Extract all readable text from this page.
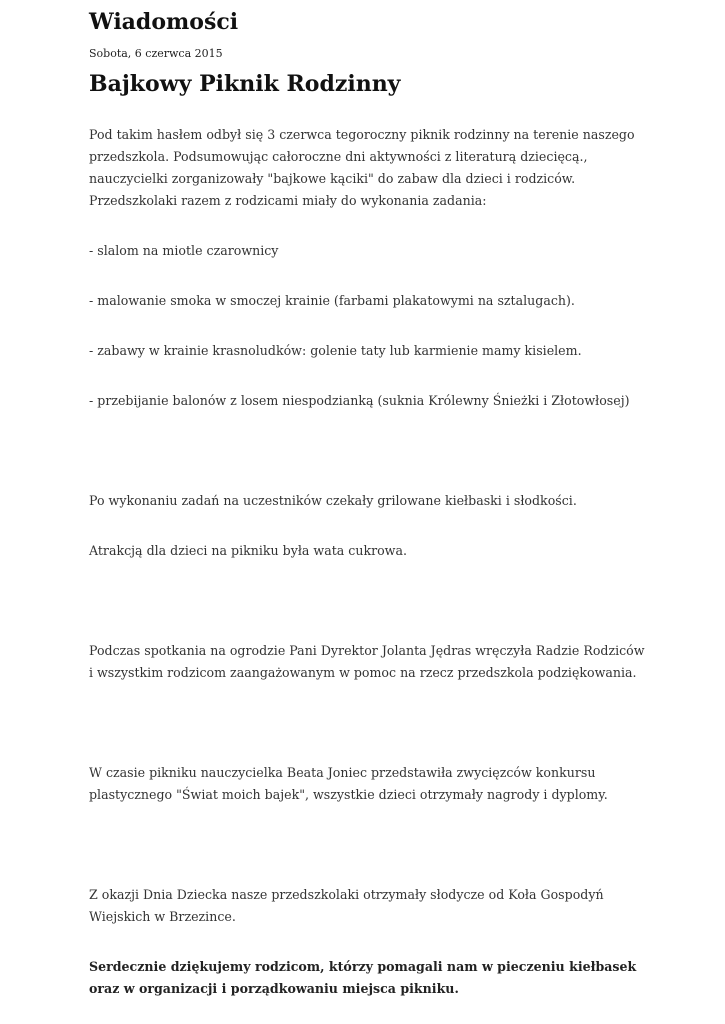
Wiadomości
Sobota, 6 czerwca 2015
Bajkowy Piknik Rodzinny

Pod takim hasłem odbył się 3 czerwca tegoroczny piknik rodzinny na terenie naszego przedszkola. Podsumowując całoroczne dni aktywności z literaturą dziecięcą., nauczycielki zorganizowały "bajkowe kąciki" do zabaw dla dzieci i rodziców. Przedszkolaki razem z rodzicami miały do wykonania zadania:

- slalom na miotle czarownicy

- malowanie smoka w smoczej krainie (farbami plakatowymi na sztalugach).

- zabawy w krainie krasnoludków: golenie taty lub karmienie mamy kisielem.

- przebijanie balonów z losem niespodzianką (suknia Królewny Śnieżki i Złotowłosej)

Po wykonaniu zadań na uczestników czekały grilowane kiełbaski i słodkości.

Atrakcją dla dzieci na pikniku była wata cukrowa.

Podczas spotkania na ogrodzie Pani Dyrektor Jolanta Jędras wręczyła Radzie Rodziców i wszystkim rodzicom zaangażowanym w pomoc na rzecz przedszkola podziękowania.

W czasie pikniku nauczycielka Beata Joniec przedstawiła zwycięzców konkursu plastycznego "Świat moich bajek", wszystkie dzieci otrzymały nagrody i dyplomy.

Z okazji Dnia Dziecka nasze przedszkolaki otrzymały słodycze od Koła Gospodyń Wiejskich w Brzezince.

Serdecznie dziękujemy rodzicom, którzy pomagali nam w pieczeniu kiełbasek oraz w organizacji i porządkowaniu miejsca pikniku.
